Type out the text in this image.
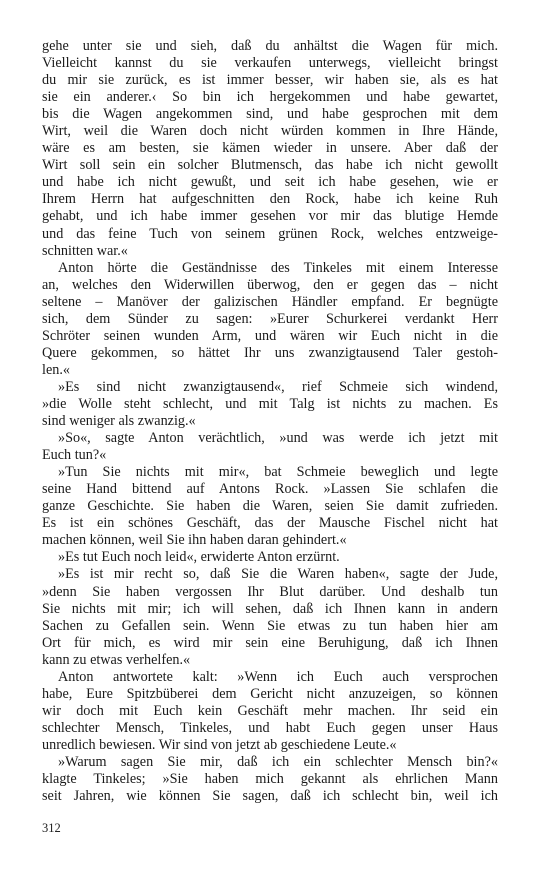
gehe unter sie und sieh, daß du anhältst die Wagen für mich.
Vielleicht kannst du sie verkaufen unterwegs, vielleicht bringst
du mir sie zurück, es ist immer besser, wir haben sie, als es hat
sie ein anderer.‹ So bin ich hergekommen und habe gewartet,
bis die Wagen angekommen sind, und habe gesprochen mit dem
Wirt, weil die Waren doch nicht würden kommen in Ihre Hände,
wäre es am besten, sie kämen wieder in unsere. Aber daß der
Wirt soll sein ein solcher Blutmensch, das habe ich nicht gewollt
und habe ich nicht gewußt, und seit ich habe gesehen, wie er
Ihrem Herrn hat aufgeschnitten den Rock, habe ich keine Ruh
gehabt, und ich habe immer gesehen vor mir das blutige Hemde
und das feine Tuch von seinem grünen Rock, welches entzweige-
schnitten war.«
Anton hörte die Geständnisse des Tinkeles mit einem Interesse
an, welches den Widerwillen überwog, den er gegen das – nicht
seltene – Manöver der galizischen Händler empfand. Er begnügte
sich, dem Sünder zu sagen: »Eurer Schurkerei verdankt Herr
Schröter seinen wunden Arm, und wären wir Euch nicht in die
Quere gekommen, so hättet Ihr uns zwanzigtausend Taler gestoh-
len.«
»Es sind nicht zwanzigtausend«, rief Schmeie sich windend,
»die Wolle steht schlecht, und mit Talg ist nichts zu machen. Es
sind weniger als zwanzig.«
»So«, sagte Anton verächtlich, »und was werde ich jetzt mit
Euch tun?«
»Tun Sie nichts mit mir«, bat Schmeie beweglich und legte
seine Hand bittend auf Antons Rock. »Lassen Sie schlafen die
ganze Geschichte. Sie haben die Waren, seien Sie damit zufrieden.
Es ist ein schönes Geschäft, das der Mausche Fischel nicht hat
machen können, weil Sie ihn haben daran gehindert.«
»Es tut Euch noch leid«, erwiderte Anton erzürnt.
»Es ist mir recht so, daß Sie die Waren haben«, sagte der Jude,
»denn Sie haben vergossen Ihr Blut darüber. Und deshalb tun
Sie nichts mit mir; ich will sehen, daß ich Ihnen kann in andern
Sachen zu Gefallen sein. Wenn Sie etwas zu tun haben hier am
Ort für mich, es wird mir sein eine Beruhigung, daß ich Ihnen
kann zu etwas verhelfen.«
Anton antwortete kalt: »Wenn ich Euch auch versprochen
habe, Eure Spitzbüberei dem Gericht nicht anzuzeigen, so können
wir doch mit Euch kein Geschäft mehr machen. Ihr seid ein
schlechter Mensch, Tinkeles, und habt Euch gegen unser Haus
unredlich bewiesen. Wir sind von jetzt ab geschiedene Leute.«
»Warum sagen Sie mir, daß ich ein schlechter Mensch bin?«
klagte Tinkeles; »Sie haben mich gekannt als ehrlichen Mann
seit Jahren, wie können Sie sagen, daß ich schlecht bin, weil ich
312
